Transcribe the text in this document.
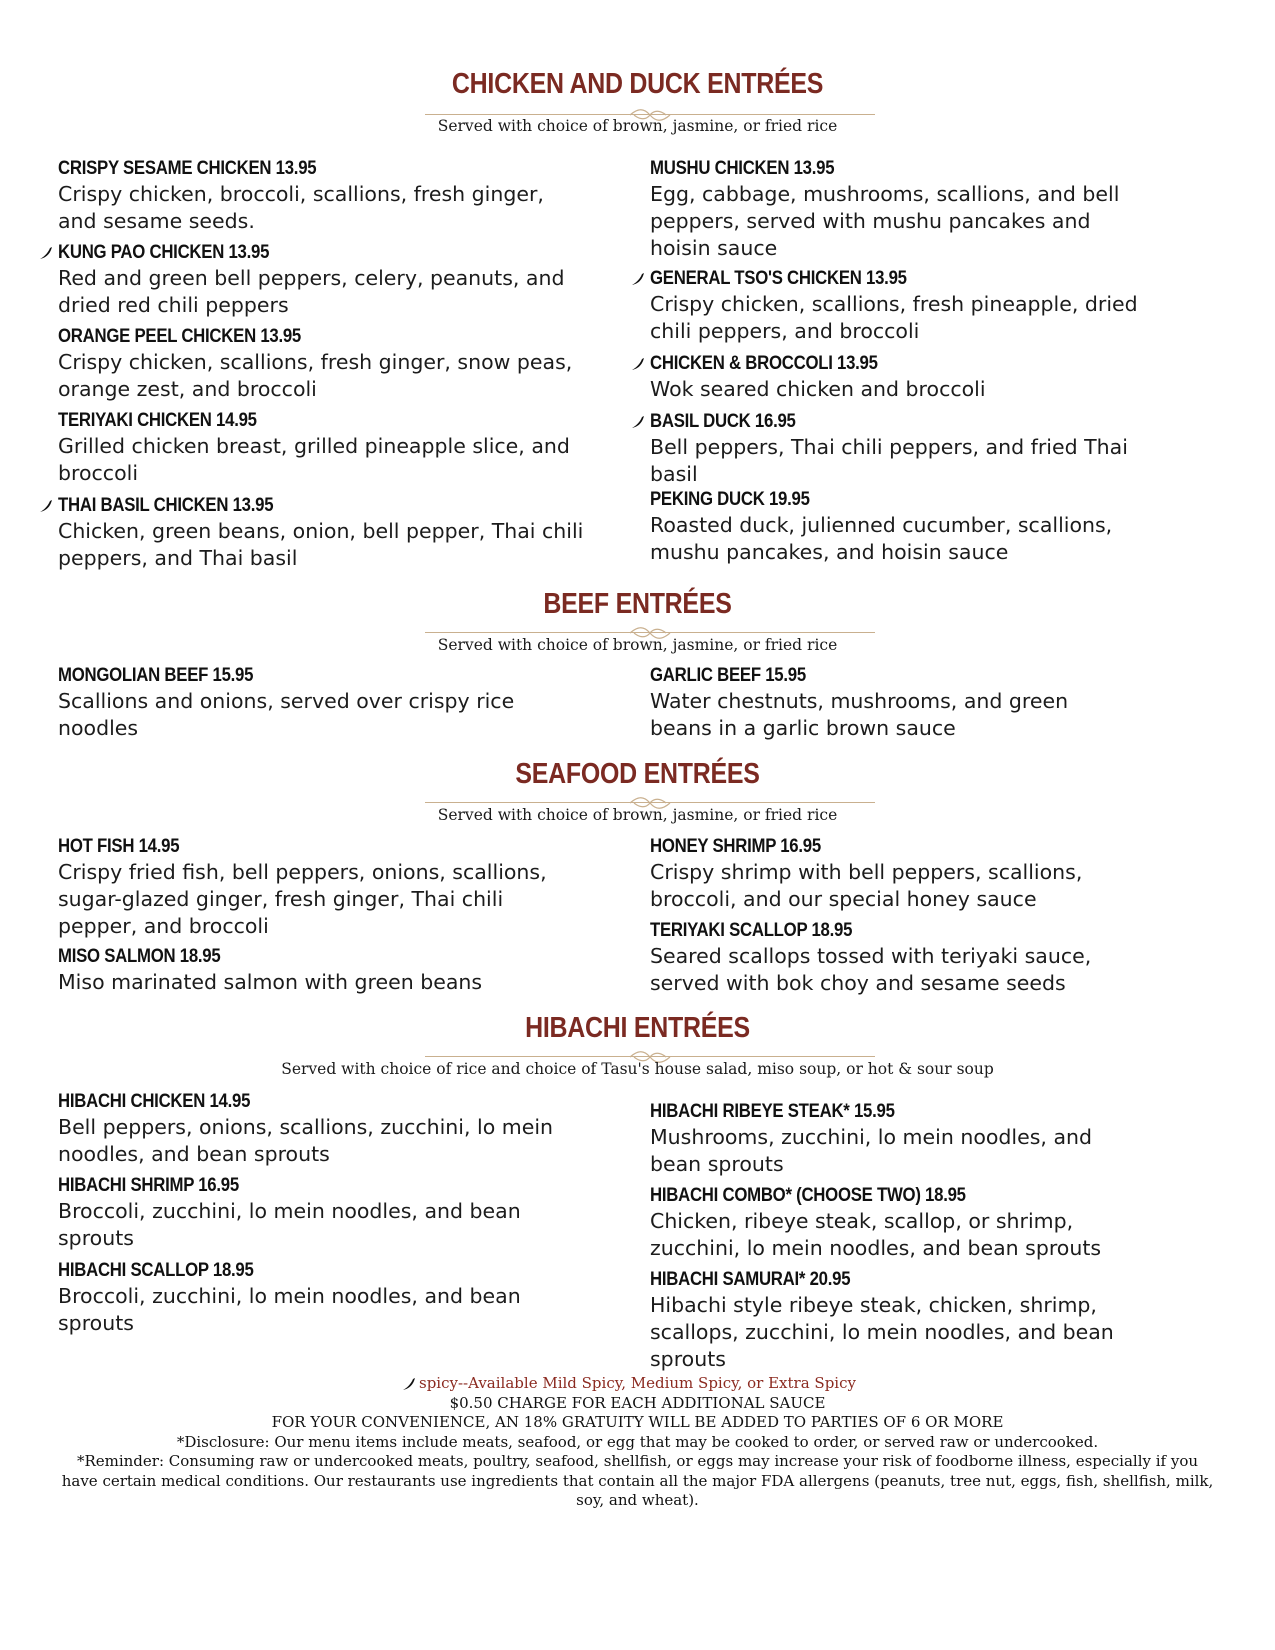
CHICKEN AND DUCK ENTRÉES
Served with choice of brown, jasmine, or fried rice
CRISPY SESAME CHICKEN 13.95
Crispy chicken, broccoli, scallions, fresh ginger, and sesame seeds.
KUNG PAO CHICKEN 13.95
Red and green bell peppers, celery, peanuts, and dried red chili peppers
ORANGE PEEL CHICKEN 13.95
Crispy chicken, scallions, fresh ginger, snow peas, orange zest, and broccoli
TERIYAKI CHICKEN 14.95
Grilled chicken breast, grilled pineapple slice, and broccoli
THAI BASIL CHICKEN 13.95
Chicken, green beans, onion, bell pepper, Thai chili peppers, and Thai basil
MUSHU CHICKEN 13.95
Egg, cabbage, mushrooms, scallions, and bell peppers, served with mushu pancakes and hoisin sauce
GENERAL TSO'S CHICKEN 13.95
Crispy chicken, scallions, fresh pineapple, dried chili peppers, and broccoli
CHICKEN & BROCCOLI 13.95
Wok seared chicken and broccoli
BASIL DUCK 16.95
Bell peppers, Thai chili peppers, and fried Thai basil
PEKING DUCK 19.95
Roasted duck, julienned cucumber, scallions, mushu pancakes, and hoisin sauce
BEEF ENTRÉES
Served with choice of brown, jasmine, or fried rice
MONGOLIAN BEEF 15.95
Scallions and onions, served over crispy rice noodles
GARLIC BEEF 15.95
Water chestnuts, mushrooms, and green beans in a garlic brown sauce
SEAFOOD ENTRÉES
Served with choice of brown, jasmine, or fried rice
HOT FISH 14.95
Crispy fried fish, bell peppers, onions, scallions, sugar-glazed ginger, fresh ginger, Thai chili pepper, and broccoli
MISO SALMON 18.95
Miso marinated salmon with green beans
HONEY SHRIMP 16.95
Crispy shrimp with bell peppers, scallions, broccoli, and our special honey sauce
TERIYAKI SCALLOP 18.95
Seared scallops tossed with teriyaki sauce, served with bok choy and sesame seeds
HIBACHI ENTRÉES
Served with choice of rice and choice of Tasu's house salad, miso soup, or hot & sour soup
HIBACHI CHICKEN 14.95
Bell peppers, onions, scallions, zucchini, lo mein noodles, and bean sprouts
HIBACHI SHRIMP 16.95
Broccoli, zucchini, lo mein noodles, and bean sprouts
HIBACHI SCALLOP 18.95
Broccoli, zucchini, lo mein noodles, and bean sprouts
HIBACHI RIBEYE STEAK* 15.95
Mushrooms, zucchini, lo mein noodles, and bean sprouts
HIBACHI COMBO* (CHOOSE TWO) 18.95
Chicken, ribeye steak, scallop, or shrimp, zucchini, lo mein noodles, and bean sprouts
HIBACHI SAMURAI* 20.95
Hibachi style ribeye steak, chicken, shrimp, scallops, zucchini, lo mein noodles, and bean sprouts
spicy--Available Mild Spicy, Medium Spicy, or Extra Spicy
$0.50 CHARGE FOR EACH ADDITIONAL SAUCE
FOR YOUR CONVENIENCE, AN 18% GRATUITY WILL BE ADDED TO PARTIES OF 6 OR MORE
*Disclosure: Our menu items include meats, seafood, or egg that may be cooked to order, or served raw or undercooked.
*Reminder: Consuming raw or undercooked meats, poultry, seafood, shellfish, or eggs may increase your risk of foodborne illness, especially if you have certain medical conditions. Our restaurants use ingredients that contain all the major FDA allergens (peanuts, tree nut, eggs, fish, shellfish, milk, soy, and wheat).
